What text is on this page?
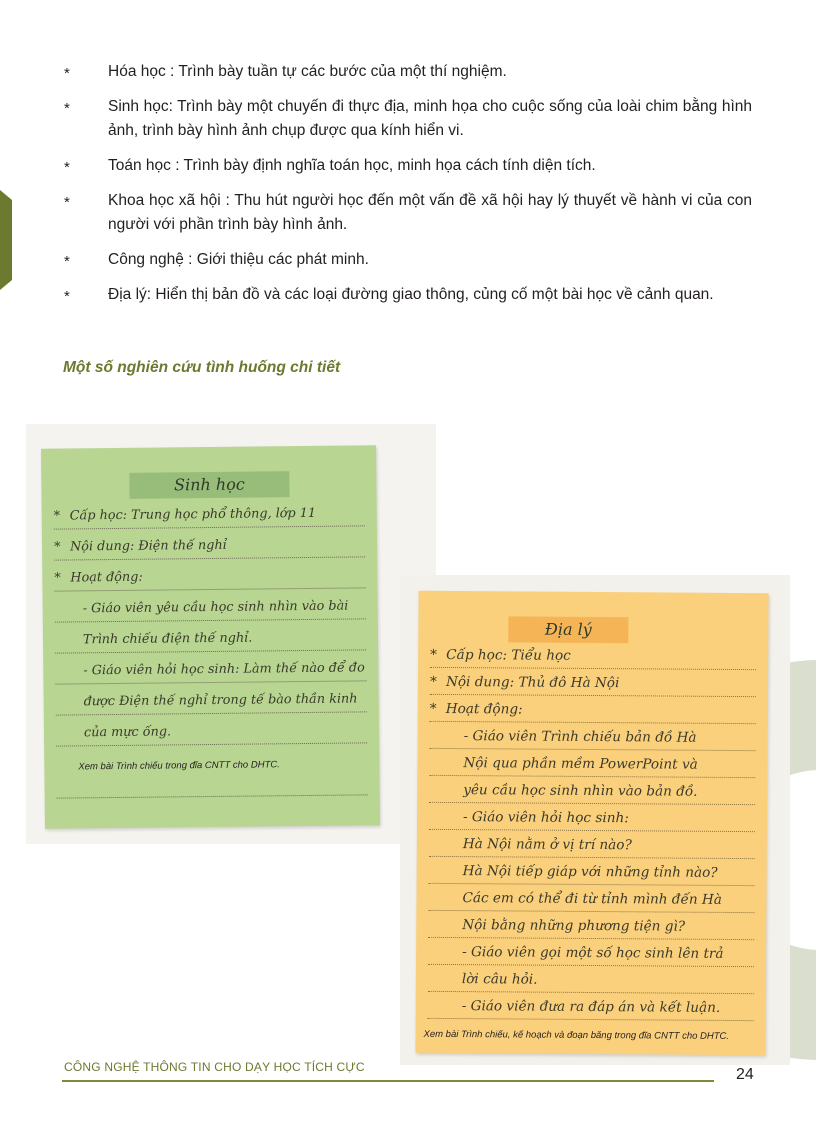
* Hóa học : Trình bày tuần tự các bước của một thí nghiệm.
* Sinh học: Trình bày một chuyến đi thực địa, minh họa cho cuộc sống của loài chim bằng hình ảnh, trình bày hình ảnh chụp được qua kính hiển vi.
* Toán học : Trình bày định nghĩa toán học, minh họa cách tính diện tích.
* Khoa học xã hội : Thu hút người học đến một vấn đề xã hội hay lý thuyết về hành vi của con người với phần trình bày hình ảnh.
* Công nghệ : Giới thiệu các phát minh.
* Địa lý: Hiển thị bản đồ và các loại đường giao thông, củng cố một bài học về cảnh quan.
Một số nghiên cứu tình huống chi tiết
Sinh học
* Cấp học: Trung học phổ thông, lớp 11
* Nội dung: Điện thế nghỉ
* Hoạt động:
- Giáo viên yêu cầu học sinh nhìn vào bài
Trình chiếu điện thế nghỉ.
- Giáo viên hỏi học sinh: Làm thế nào để đo
được Điện thế nghỉ trong tế bào thần kinh
của mực ống.
Xem bài Trình chiếu trong đĩa CNTT cho DHTC.
Địa lý
* Cấp học: Tiểu học
* Nội dung: Thủ đô Hà Nội
* Hoạt động:
- Giáo viên Trình chiếu bản đồ Hà
Nội qua phần mềm PowerPoint và
yêu cầu học sinh nhìn vào bản đồ.
- Giáo viên hỏi học sinh:
Hà Nội nằm ở vị trí nào?
Hà Nội tiếp giáp với những tỉnh nào?
Các em có thể đi từ tỉnh mình đến Hà
Nội bằng những phương tiện gì?
- Giáo viên gọi một số học sinh lên trả
lời câu hỏi.
- Giáo viên đưa ra đáp án và kết luận.
Xem bài Trình chiếu, kế hoạch và đoạn băng trong đĩa CNTT cho DHTC.
CÔNG NGHỆ THÔNG TIN CHO DẠY HỌC TÍCH CỰC	24
